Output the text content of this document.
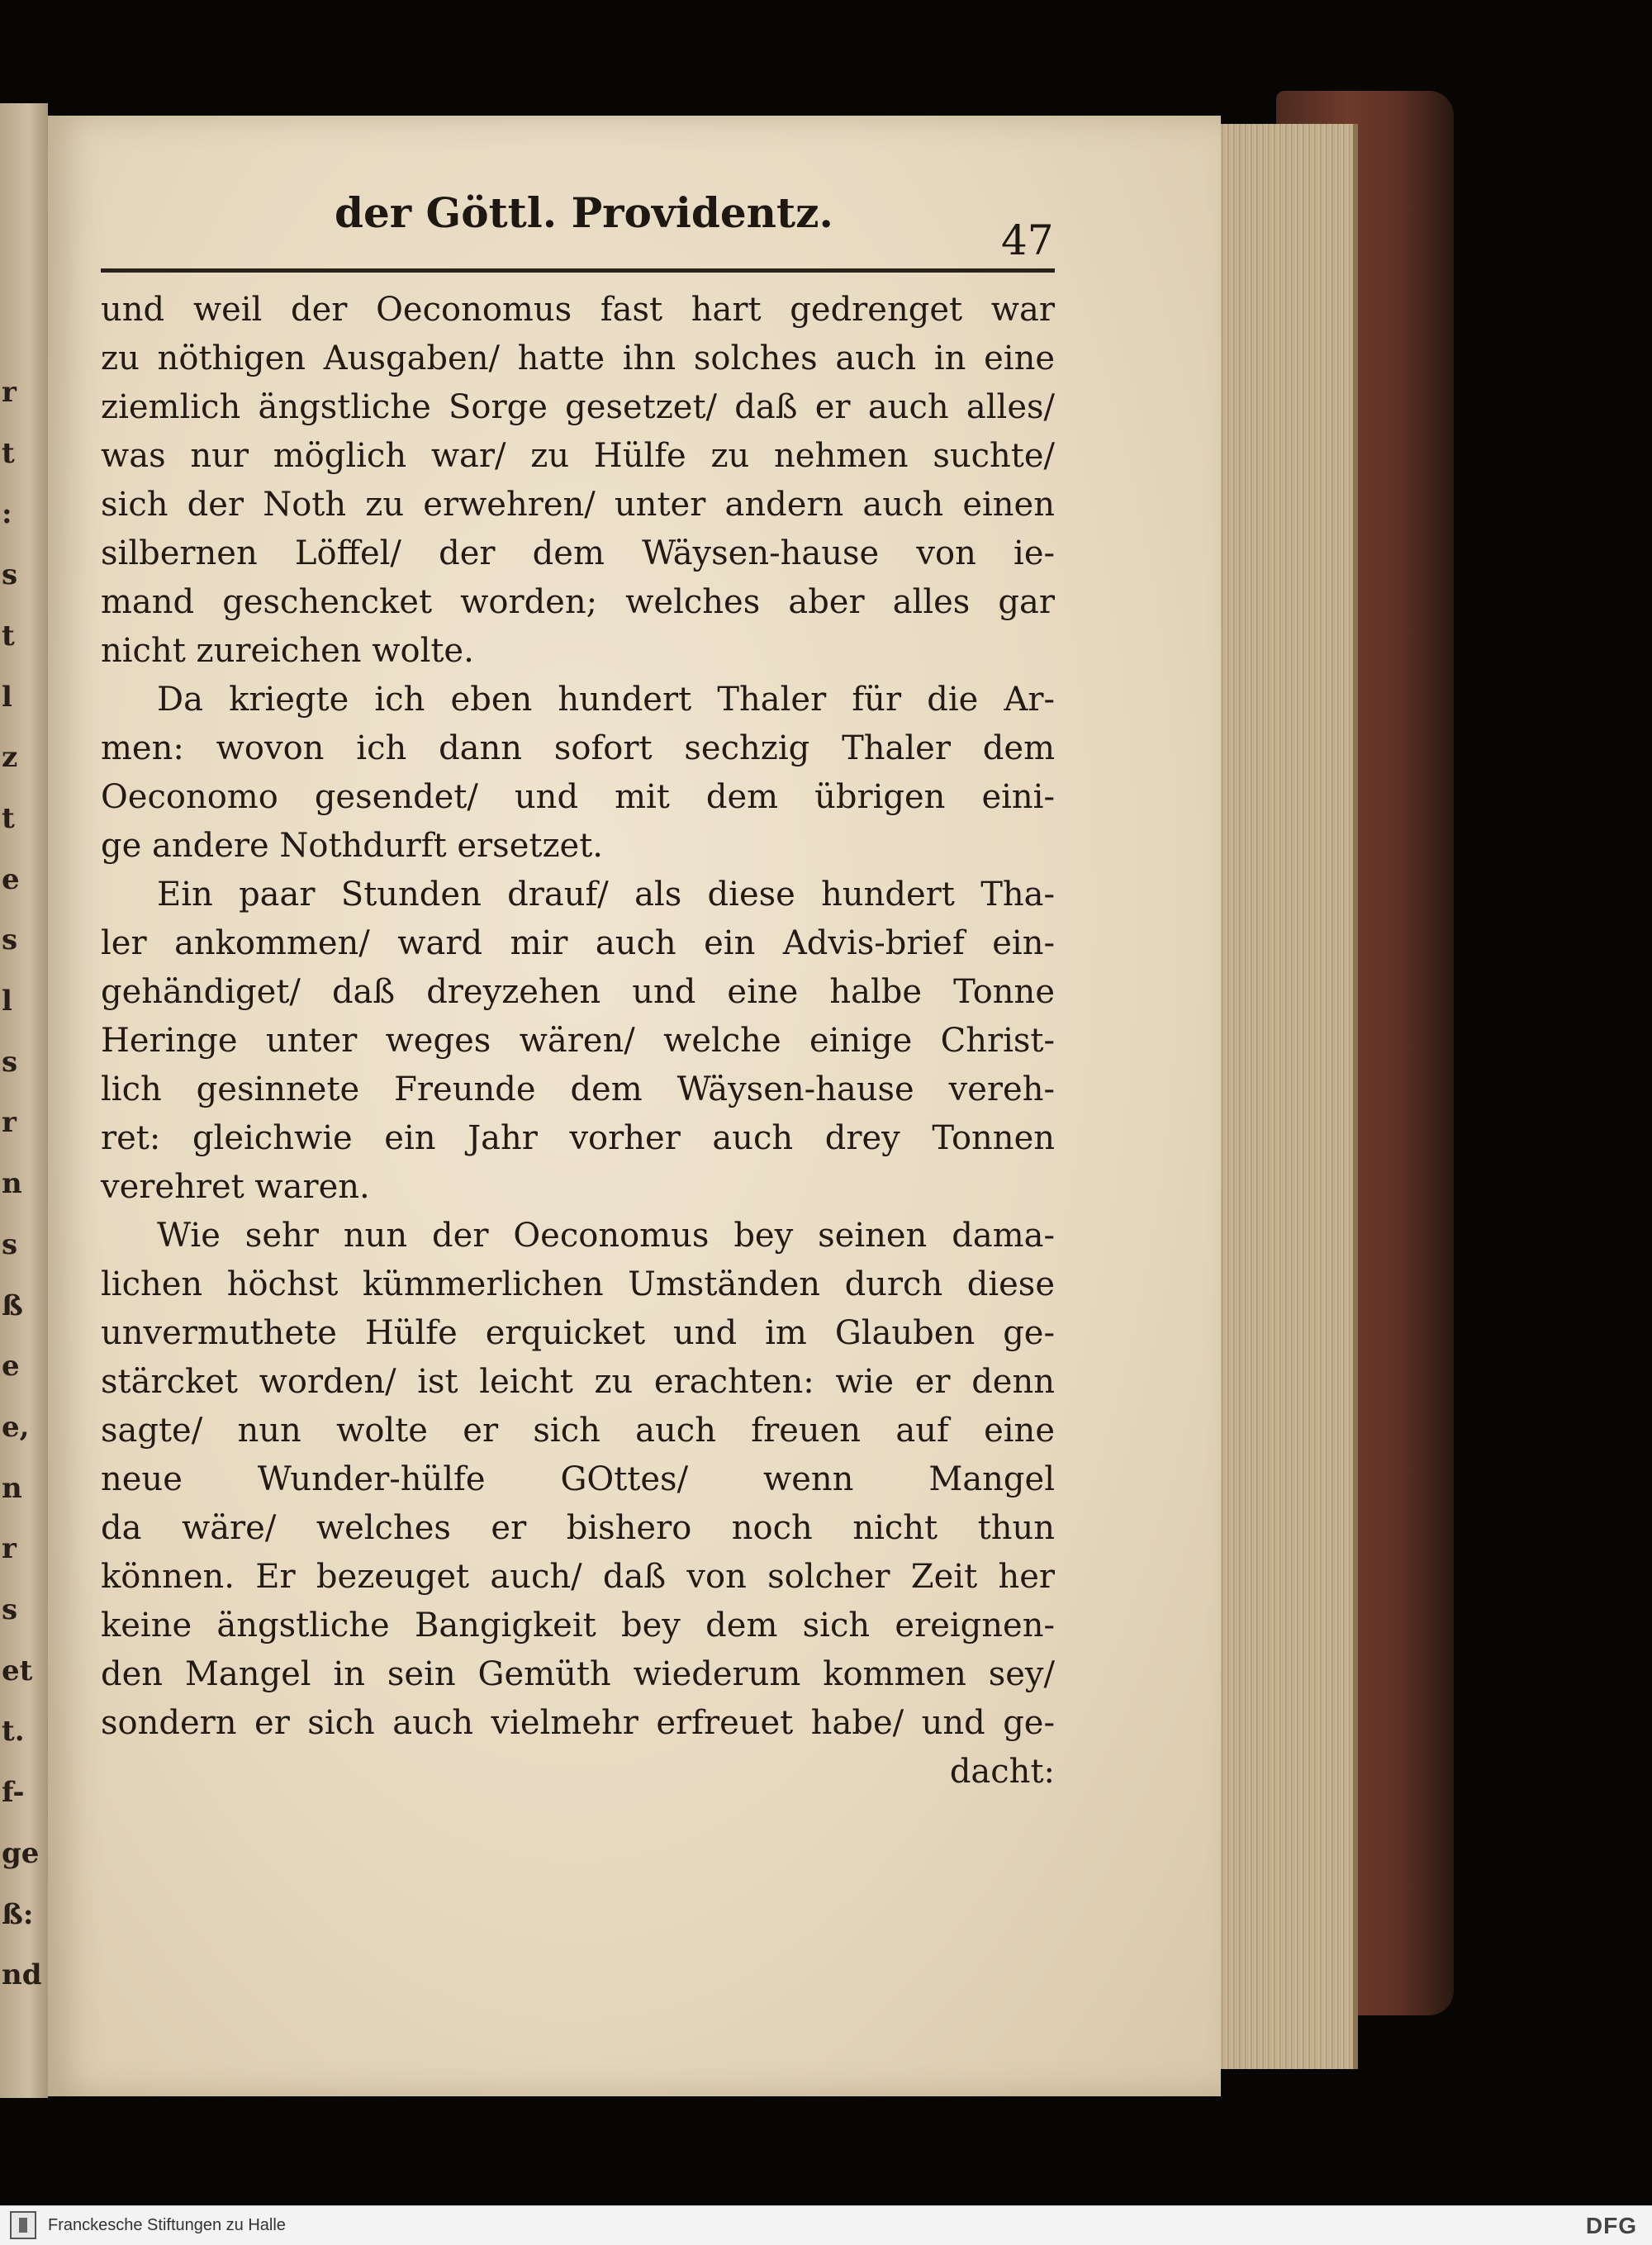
r
t
:
s
t
l
z
t
e
s
l
s
r
n
s
ß
e
e,
n
r
s
et
t.
f-
ge
ß:
nd
der Göttl. Providentz.
47
und weil der Oeconomus fast hart gedrenget war
zu nöthigen Ausgaben/ hatte ihn solches auch in eine
ziemlich ängstliche Sorge gesetzet/ daß er auch alles/
was nur möglich war/ zu Hülfe zu nehmen suchte/
sich der Noth zu erwehren/ unter andern auch einen
silbernen Löffel/ der dem Wäysen-hause von ie-
mand geschencket worden; welches aber alles gar
nicht zureichen wolte.
Da kriegte ich eben hundert Thaler für die Ar-
men: wovon ich dann sofort sechzig Thaler dem
Oeconomo gesendet/ und mit dem übrigen eini-
ge andere Nothdurft ersetzet.
Ein paar Stunden drauf/ als diese hundert Tha-
ler ankommen/ ward mir auch ein Advis-brief ein-
gehändiget/ daß dreyzehen und eine halbe Tonne
Heringe unter weges wären/ welche einige Christ-
lich gesinnete Freunde dem Wäysen-hause vereh-
ret: gleichwie ein Jahr vorher auch drey Tonnen
verehret waren.
Wie sehr nun der Oeconomus bey seinen dama-
lichen höchst kümmerlichen Umständen durch diese
unvermuthete Hülfe erquicket und im Glauben ge-
stärcket worden/ ist leicht zu erachten: wie er denn
sagte/ nun wolte er sich auch freuen auf eine
neue Wunder-hülfe GOttes/ wenn Mangel
da wäre/ welches er bishero noch nicht thun
können. Er bezeuget auch/ daß von solcher Zeit her
keine ängstliche Bangigkeit bey dem sich ereignen-
den Mangel in sein Gemüth wiederum kommen sey/
sondern er sich auch vielmehr erfreuet habe/ und ge-
dacht:
Franckesche Stiftungen zu Halle	DFG
